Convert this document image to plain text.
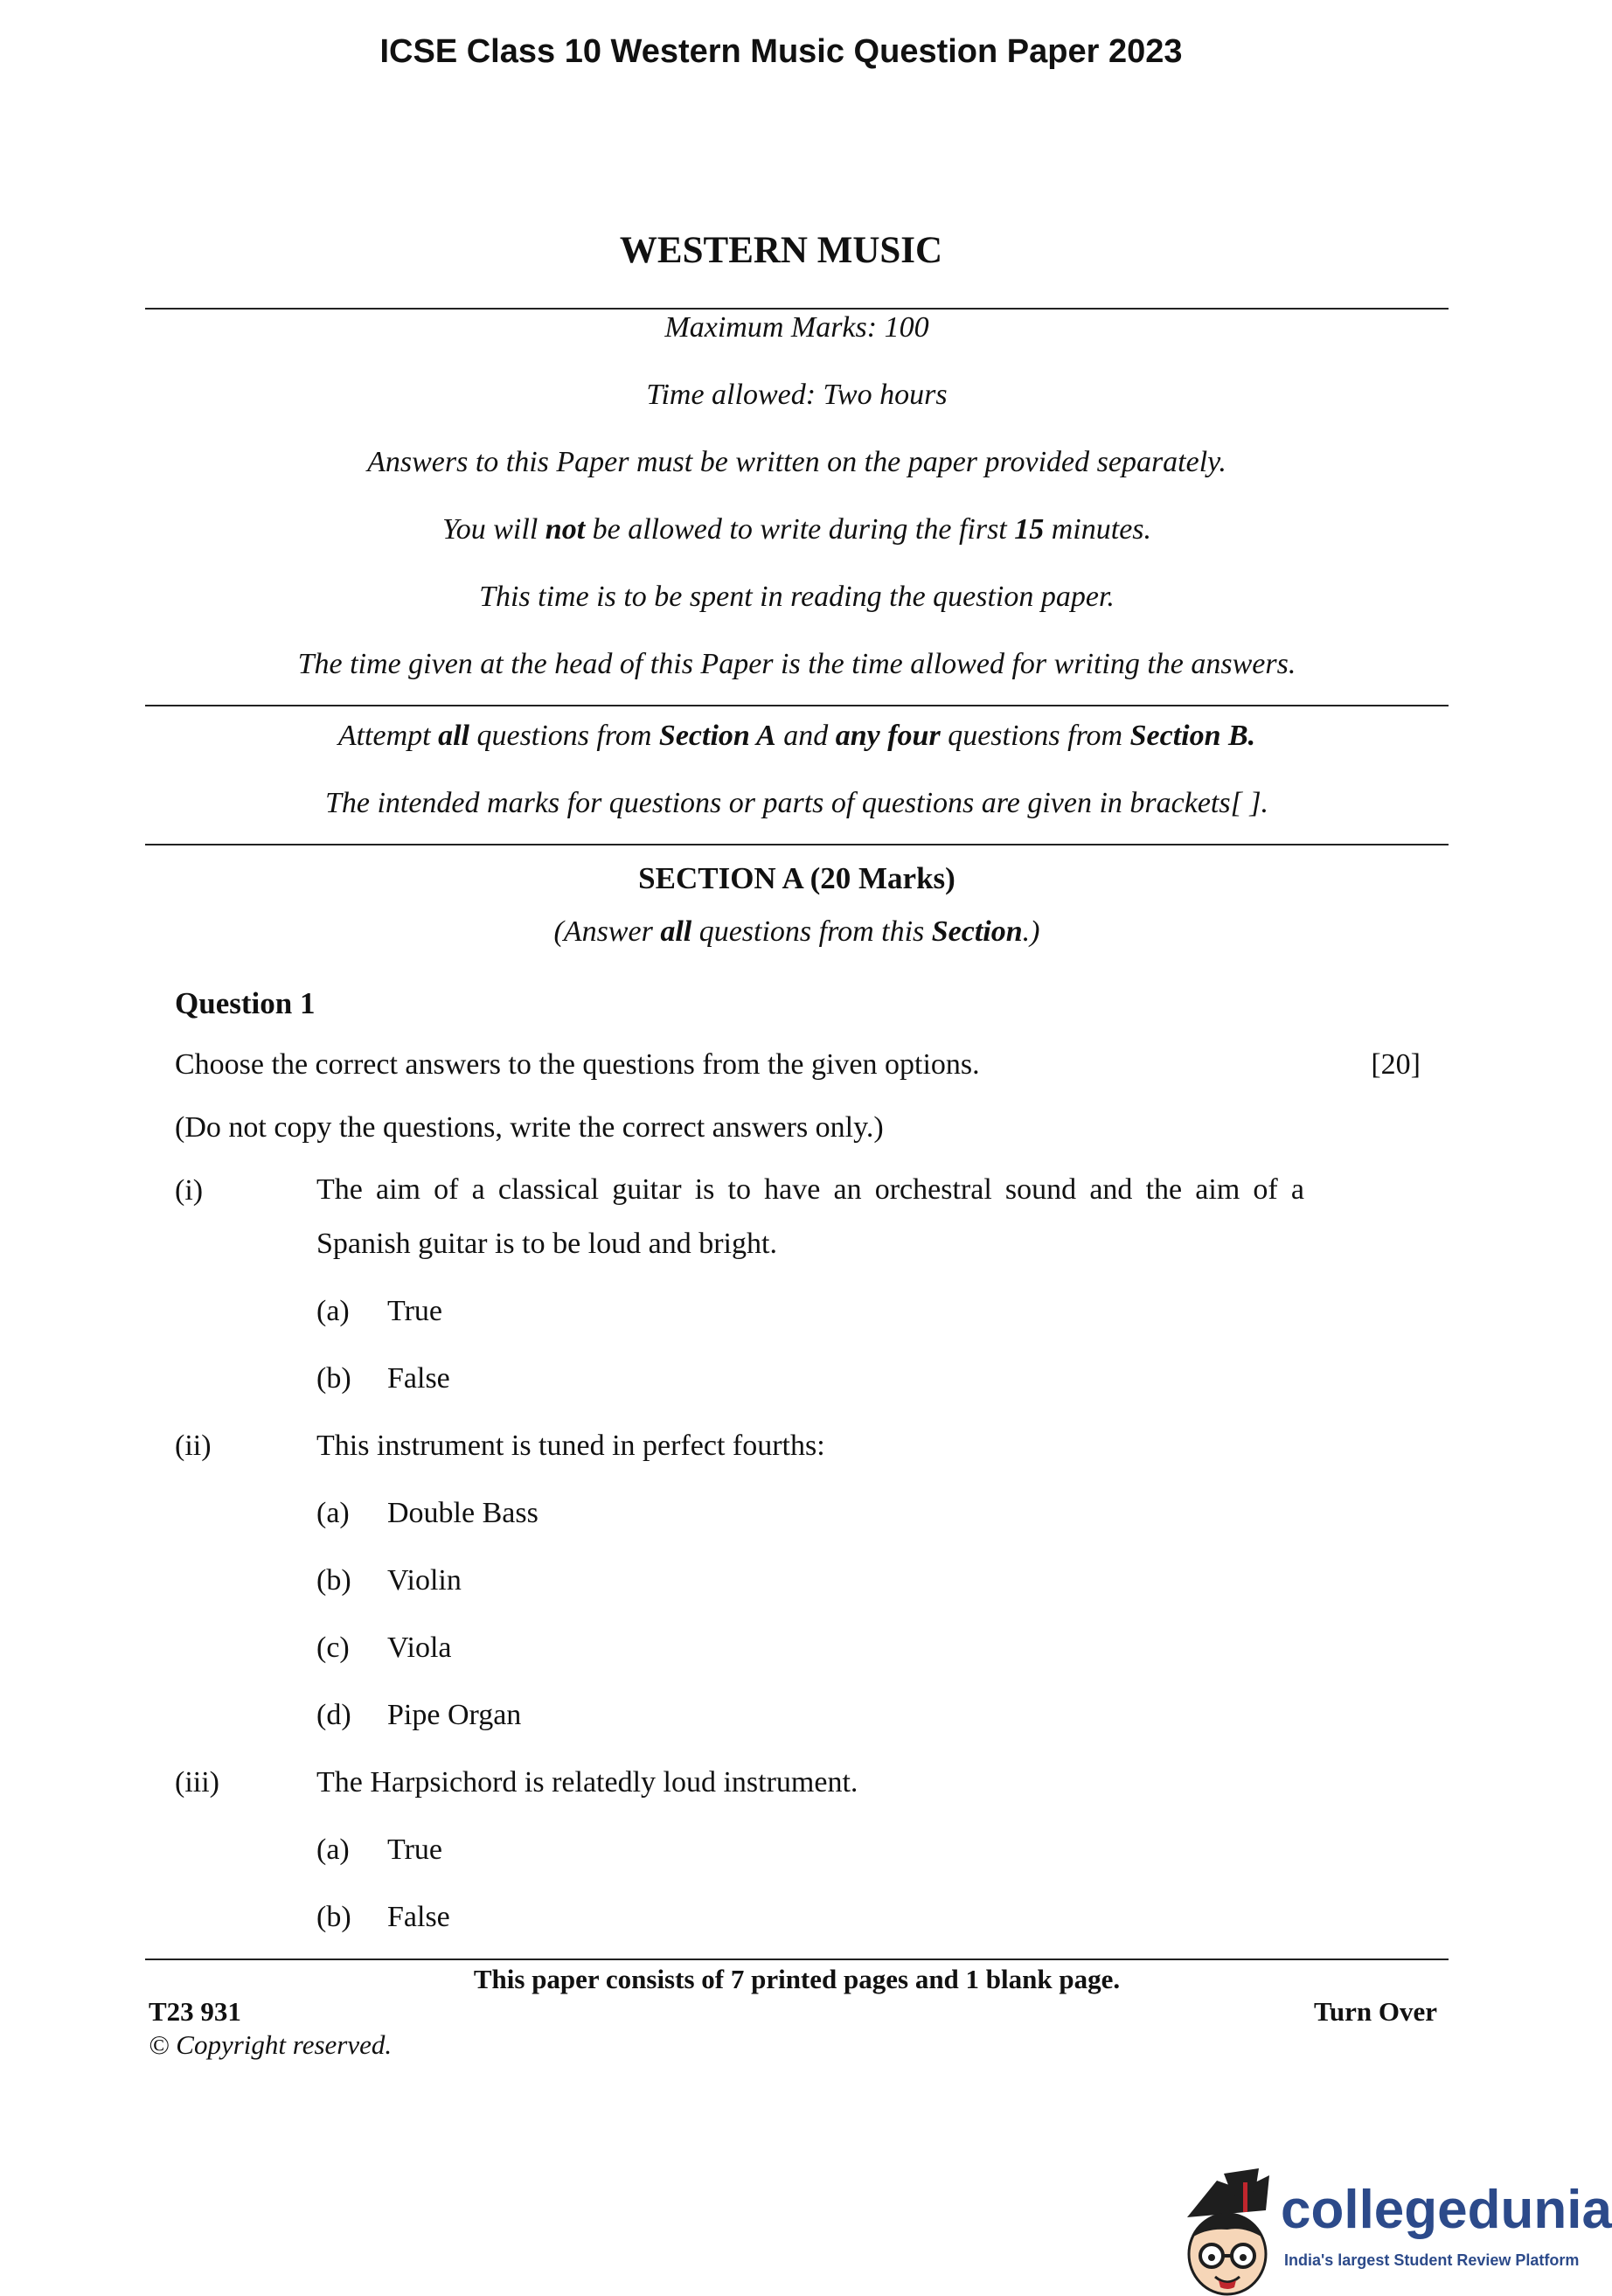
ICSE Class 10 Western Music Question Paper 2023
WESTERN MUSIC
Maximum Marks: 100
Time allowed: Two hours
Answers to this Paper must be written on the paper provided separately.
You will not be allowed to write during the first 15 minutes.
This time is to be spent in reading the question paper.
The time given at the head of this Paper is the time allowed for writing the answers.
Attempt all questions from Section A and any four questions from Section B.
The intended marks for questions or parts of questions are given in brackets[ ].
SECTION A (20 Marks)
(Answer all questions from this Section.)
Question 1
Choose the correct answers to the questions from the given options.	[20]
(Do not copy the questions, write the correct answers only.)
(i)	The aim of a classical guitar is to have an orchestral sound and the aim of a Spanish guitar is to be loud and bright.
(a) True
(b) False
(ii)	This instrument is tuned in perfect fourths:
(a) Double Bass
(b) Violin
(c) Viola
(d) Pipe Organ
(iii)	The Harpsichord is relatedly loud instrument.
(a) True
(b) False
This paper consists of 7 printed pages and 1 blank page.
T23 931	Turn Over
© Copyright reserved.
collegedunia
India's largest Student Review Platform
